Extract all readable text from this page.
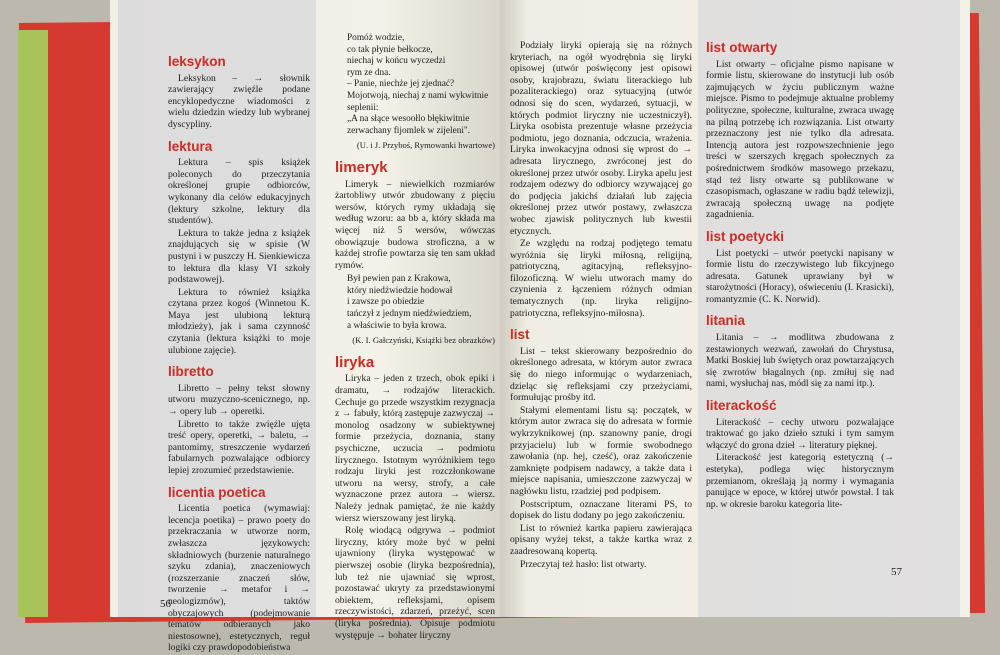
leksykon

Leksykon – → słownik zawierający zwięźle podane encyklopedyczne wiadomości z wielu dziedzin wiedzy lub wybranej dyscypliny.

lektura

Lektura – spis książek poleconych do przeczytania określonej grupie odbiorców, wykonany dla celów edukacyjnych (lektury szkolne, lektury dla studentów).

Lektura to także jedna z książek znajdujących się w spisie (W pustyni i w puszczy H. Sienkiewicza to lektura dla klasy VI szkoły podstawowej).

Lektura to również książka czytana przez kogoś (Winnetou K. Maya jest ulubioną lekturą młodzieży), jak i sama czynność czytania (lektura książki to moje ulubione zajęcie).

libretto

Libretto – pełny tekst słowny utworu muzyczno-scenicznego, np. → opery lub → operetki.

Libretto to także zwięźle ujęta treść opery, operetki, → baletu, → pantomimy, streszczenie wydarzeń fabularnych pozwalające odbiorcy lepiej zrozumieć przedstawienie.

licentia poetica

Licentia poetica (wymawiaj: lecencja poetika) – prawo poety do przekraczania w utworze norm, zwłaszcza językowych: składniowych (burzenie naturalnego szyku zdania), znaczeniowych (rozszerzanie znaczeń słów, tworzenie → metafor i → neologizmów), taktów obyczajowych (podejmowanie tematów odbieranych jako niestosowne), estetycznych, reguł logiki czy prawdopodobieństwa

56
Pomóż wodzie,
co tak płynie bełkocze,
niechaj w końcu wyczedzi
rym ze dna.
– Panie, niechże jej zjednać?
Mojotwoją, niechaj z nami wykwitnie
seplenii:
„A na słące wesoołlo błękiwitnie
zerwachany fijomlek w zijeleni".
(U. i J. Przyboś, Rymowanki hwartowe)
limeryk

Limeryk – niewielkich rozmiarów żartobliwy utwór zbudowany z pięciu wersów, których rymy układają się według wzoru: aa bb a, który składa ma więcej niż 5 wersów, wówczas obowiązuje budowa stroficzna, a w każdej strofie powtarza się ten sam układ rymów.

Był pewien pan z Krakowa,
który niedźwiedzie hodował
i zawsze po obiedzie
tańczył z jednym niedźwiedziem,
a właściwie to była krowa.
(K. I. Gałczyński, Książki bez obrazków)
liryka

Liryka – jeden z trzech, obok epiki i dramatu, → rodzajów literackich. Cechuje go przede wszystkim rezygnacja z → fabuły, którą zastępuje zazwyczaj → monolog osadzony w subiektywnej formie przeżycia, doznania, stany psychiczne, uczucia → podmiotu lirycznego. Istotnym wyróżnikiem tego rodzaju liryki jest rozczłonkowane utworu na wersy, strofy, a całe wyznaczone przez autora → wiersz. Należy jednak pamiętać, że nie każdy wiersz wierszowany jest liryką.

Rolę wiodącą odgrywa → podmiot liryczny, który może być w pełni ujawniony (liryka występować w pierwszej osobie (liryka bezpośrednia), lub też nie ujawniać się wprost, pozostawać ukryty za przedstawionymi obiektem, refleksjami, opisem rzeczywistości, zdarzeń, przeżyć, scen (liryka pośrednia). Opisuje podmiotu występuje → bohater liryczny

Podziały liryki opierają się na różnych kryteriach, na ogół wyodrębnia się liryki opisowej (utwór poświęcony jest opisowi osoby, krajobrazu, światu literackiego lub pozaliterackiego) oraz sytuacyjną (utwór odnosi się do scen, wydarzeń, sytuacji, w których podmiot liryczny nie uczestniczył). Liryka osobista prezentuje własne przeżycia podmiotu, jego doznania, odczucia, wrażenia. Liryka inwokacyjna odnosi się wprost do → adresata lirycznego, zwróconej jest do określonej przez utwór osoby. Liryka apelu jest rodzajem odezwy do odbiorcy wzywającej go do podjęcia jakichś działań lub zajęcia określonej przez utwór postawy, zwłaszcza wobec zjawisk politycznych lub kwestii etycznych.

Ze względu na rodzaj podjętego tematu wyróżnia się liryki miłosną, religijną, patriotyczną, agitacyjną, refleksyjno-filozoficzną. W wielu utworach mamy do czynienia z łączeniem różnych odmian tematycznych (np. liryka religijno-patriotyczna, refleksyjno-miłosna).

list

List – tekst skierowany bezpośrednio do określonego adresata, w którym autor zwraca się do niego informując o wydarzeniach, dzieląc się refleksjami czy przeżyciami, formułując prośby itd.

Stałymi elementami listu są: początek, w którym autor zwraca się do adresata w formie wykrzyknikowej (np. szanowny panie, drogi przyjacielu) lub w formie swobodnego zawołania (np. hej, cześć), oraz zakończenie zamknięte podpisem nadawcy, a także data i miejsce napisania, umieszczone zazwyczaj w nagłówku listu, rzadziej pod podpisem.

Postscriptum, oznaczane literami PS, to dopisek do listu dodany po jego zakończeniu.

List to również kartka papieru zawierająca opisany wyżej tekst, a także kartka wraz z zaadresowaną kopertą.

Przeczytaj też hasło: list otwarty.

list otwarty

List otwarty – oficjalne pismo napisane w formie listu, skierowane do instytucji lub osób zajmujących w życiu publicznym ważne miejsce. Pismo to podejmuje aktualne problemy polityczne, społeczne, kulturalne, zwraca uwagę na pilną potrzebę ich rozwiązania. List otwarty przeznaczony jest nie tylko dla adresata. Intencją autora jest rozpowszechnienie jego treści w szerszych kręgach społecznych za pośrednictwem środków masowego przekazu, stąd też listy otwarte są publikowane w czasopismach, ogłaszane w radiu bądź telewizji, zwracają społeczną uwagę na podjęte zagadnienia.

list poetycki

List poetycki – utwór poetycki napisany w formie listu do rzeczywistego lub fikcyjnego adresata. Gatunek uprawiany był w starożytności (Horacy), oświeceniu (I. Krasicki), romantyzmie (C. K. Norwid).

litania

Litania – → modlitwa zbudowana z zestawionych wezwań, zawołań do Chrystusa, Matki Boskiej lub świętych oraz powtarzających się zwrotów błagalnych (np. zmiłuj się nad nami, wysłuchaj nas, módl się za nami itp.).

literackość

Literackość – cechy utworu pozwalające traktować go jako dzieło sztuki i tym samym włączyć do grona dzieł → literatury pięknej.

Literackość jest kategorią estetyczną (→ estetyka), podlega więc historycznym przemianom, określają ją normy i wymagania panujące w epoce, w której utwór powstał. I tak np. w okresie baroku kategoria lite-

57
